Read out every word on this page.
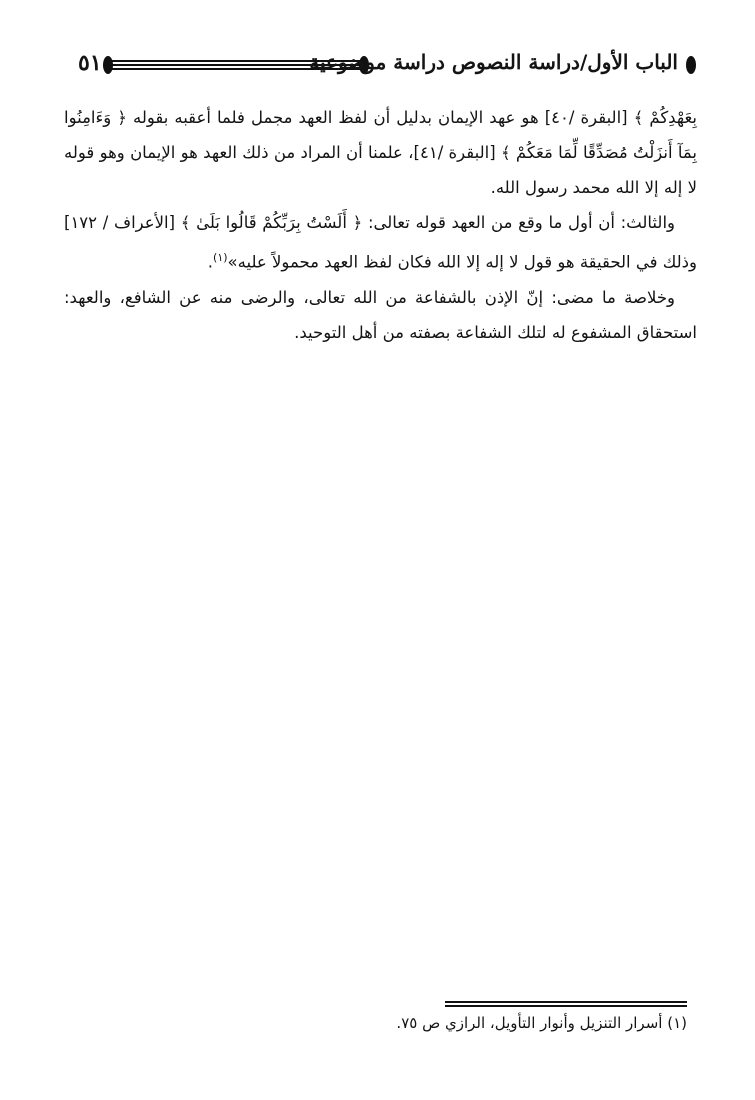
٥١	الباب الأول/دراسة النصوص دراسة موضوعية

بِعَهْدِكُمْ ﴾ [البقرة /٤٠] هو عهد الإيمان بدليل أن لفظ العهد مجمل فلما أعقبه بقوله ﴿ وَءَامِنُوا بِمَآ أَنزَلْتُ مُصَدِّقًا لِّمَا مَعَكُمْ ﴾ [البقرة /٤١]، علمنا أن المراد من ذلك العهد هو الإيمان وهو قوله لا إله إلا الله محمد رسول الله.

والثالث: أن أول ما وقع من العهد قوله تعالى: ﴿ أَلَسْتُ بِرَبِّكُمْ قَالُوا بَلَىٰ ﴾ [الأعراف / ١٧٢] وذلك في الحقيقة هو قول لا إله إلا الله فكان لفظ العهد محمولاً عليه»$^{(١)}$.

وخلاصة ما مضى: إنّ الإذن بالشفاعة من الله تعالى، والرضى منه عن الشافع، والعهد: استحقاق المشفوع له لتلك الشفاعة بصفته من أهل التوحيد.

(١) أسرار التنزيل وأنوار التأويل، الرازي ص ٧٥.
